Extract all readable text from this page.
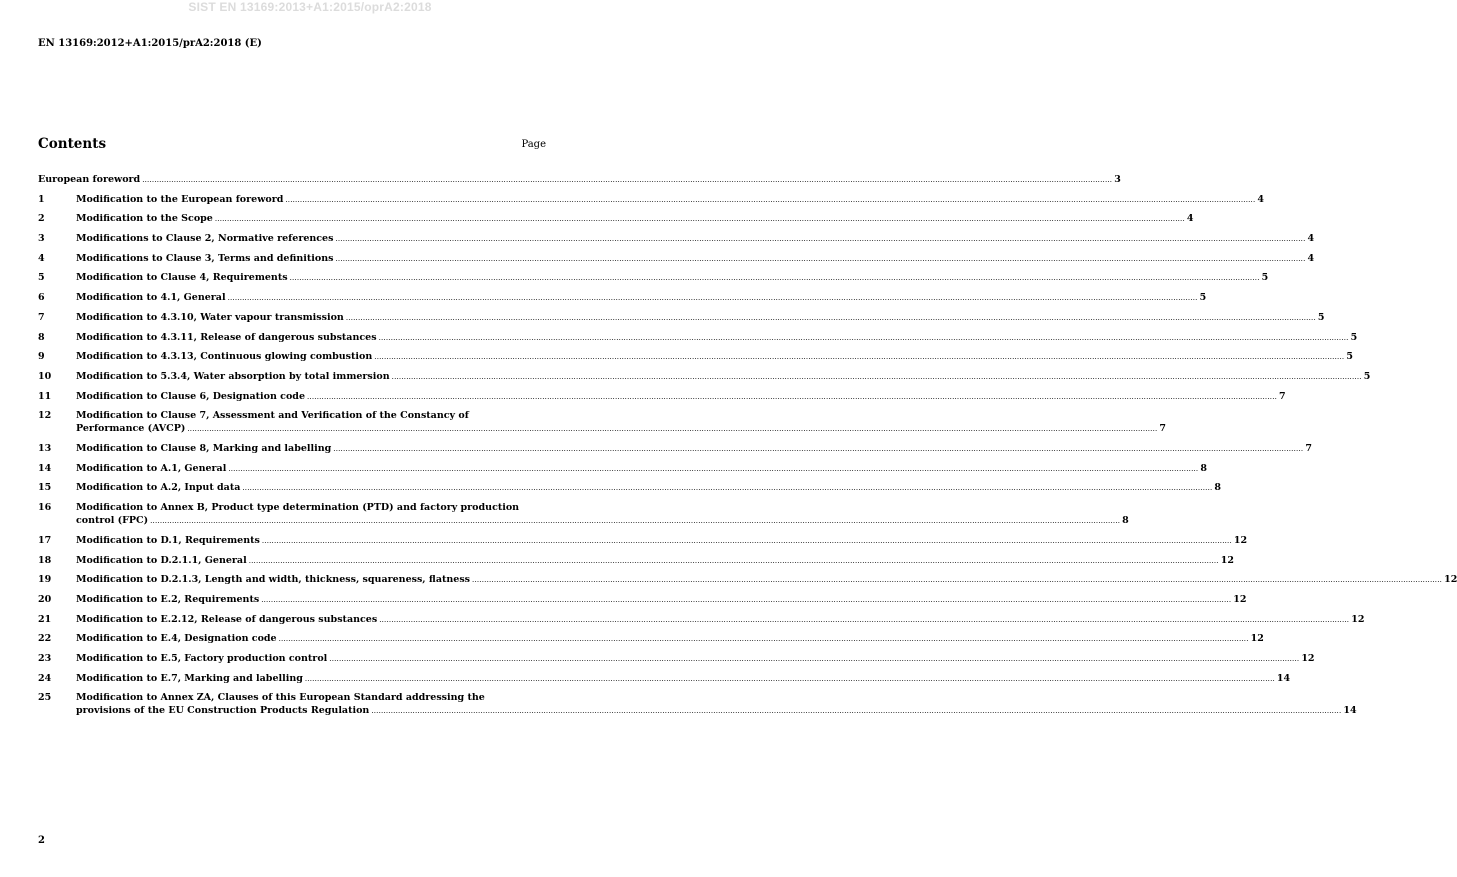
SIST EN 13169:2013+A1:2015/oprA2:2018
EN 13169:2012+A1:2015/prA2:2018 (E)
Contents	Page
European foreword ................................................................................................................................................................................................................................................................................................................................................................................................................ 3
1	Modification to the European foreword ................................................................................................................................................................................................................................................................................................................................................................................................................ 4
2	Modification to the Scope ................................................................................................................................................................................................................................................................................................................................................................................................................ 4
3	Modifications to Clause 2, Normative references ................................................................................................................................................................................................................................................................................................................................................................................................................ 4
4	Modifications to Clause 3, Terms and definitions ................................................................................................................................................................................................................................................................................................................................................................................................................ 4
5	Modification to Clause 4, Requirements ................................................................................................................................................................................................................................................................................................................................................................................................................ 5
6	Modification to 4.1, General ................................................................................................................................................................................................................................................................................................................................................................................................................ 5
7	Modification to 4.3.10, Water vapour transmission ................................................................................................................................................................................................................................................................................................................................................................................................................ 5
8	Modification to 4.3.11, Release of dangerous substances ................................................................................................................................................................................................................................................................................................................................................................................................................ 5
9	Modification to 4.3.13, Continuous glowing combustion ................................................................................................................................................................................................................................................................................................................................................................................................................ 5
10	Modification to 5.3.4, Water absorption by total immersion ................................................................................................................................................................................................................................................................................................................................................................................................................ 5
11	Modification to Clause 6, Designation code ................................................................................................................................................................................................................................................................................................................................................................................................................ 7
12	Modification to Clause 7, Assessment and Verification of the Constancy of
Performance (AVCP) ................................................................................................................................................................................................................................................................................................................................................................................................................ 7
13	Modification to Clause 8, Marking and labelling ................................................................................................................................................................................................................................................................................................................................................................................................................ 7
14	Modification to A.1, General ................................................................................................................................................................................................................................................................................................................................................................................................................ 8
15	Modification to A.2, Input data ................................................................................................................................................................................................................................................................................................................................................................................................................ 8
16	Modification to Annex B, Product type determination (PTD) and factory production
control (FPC) ................................................................................................................................................................................................................................................................................................................................................................................................................ 8
17	Modification to D.1, Requirements ................................................................................................................................................................................................................................................................................................................................................................................................................ 12
18	Modification to D.2.1.1, General ................................................................................................................................................................................................................................................................................................................................................................................................................ 12
19	Modification to D.2.1.3, Length and width, thickness, squareness, flatness ................................................................................................................................................................................................................................................................................................................................................................................................................ 12
20	Modification to E.2, Requirements ................................................................................................................................................................................................................................................................................................................................................................................................................ 12
21	Modification to E.2.12, Release of dangerous substances ................................................................................................................................................................................................................................................................................................................................................................................................................ 12
22	Modification to E.4, Designation code ................................................................................................................................................................................................................................................................................................................................................................................................................ 12
23	Modification to E.5, Factory production control ................................................................................................................................................................................................................................................................................................................................................................................................................ 12
24	Modification to E.7, Marking and labelling ................................................................................................................................................................................................................................................................................................................................................................................................................ 14
25	Modification to Annex ZA, Clauses of this European Standard addressing the
provisions of the EU Construction Products Regulation ................................................................................................................................................................................................................................................................................................................................................................................................................ 14
2
